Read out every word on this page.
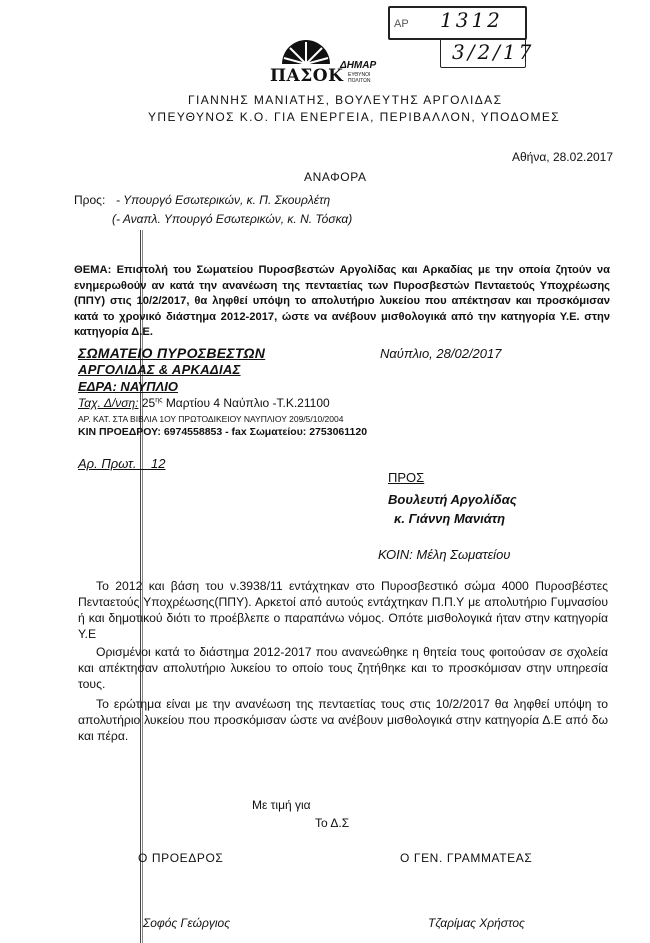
ΑΡ 1312
3/2/17
ΠΑΣΟΚ
ΔΗΜΑΡ
ΕΥΘΥΝΟΙ
ΠΟΛΙΤΩΝ
ΓΙΑΝΝΗΣ ΜΑΝΙΑΤΗΣ, ΒΟΥΛΕΥΤΗΣ ΑΡΓΟΛΙΔΑΣ
ΥΠΕΥΘΥΝΟΣ Κ.Ο. ΓΙΑ ΕΝΕΡΓΕΙΑ, ΠΕΡΙΒΑΛΛΟΝ, ΥΠΟΔΟΜΕΣ
Αθήνα, 28.02.2017
ΑΝΑΦΟΡΑ
Προς: - Υπουργό Εσωτερικών, κ. Π. Σκουρλέτη
(- Αναπλ. Υπουργό Εσωτερικών, κ. Ν. Τόσκα)
ΘΕΜΑ: Επιστολή του Σωματείου Πυροσβεστών Αργολίδας και Αρκαδίας με την οποία ζητούν να ενημερωθούν αν κατά την ανανέωση της πενταετίας των Πυροσβεστών Πενταετούς Υποχρέωσης (ΠΠΥ) στις 10/2/2017, θα ληφθεί υπόψη το απολυτήριο λυκείου που απέκτησαν και προσκόμισαν κατά το χρονικό διάστημα 2012-2017, ώστε να ανέβουν μισθολογικά από την κατηγορία Υ.Ε. στην κατηγορία Δ.Ε.
ΣΩΜΑΤΕΙΟ ΠΥΡΟΣΒΕΣΤΩΝ
ΑΡΓΟΛΙΔΑΣ & ΑΡΚΑΔΙΑΣ
ΕΔΡΑ: ΝΑΥΠΛΙΟ
Ναύπλιο, 28/02/2017
Ταχ. Δ/νση: $25^{\eta\varsigma}$ Μαρτίου 4 Ναύπλιο -Τ.Κ.21100
ΑΡ. ΚΑΤ. ΣΤΑ ΒΙΒΛΙΑ 1ΟΥ ΠΡΩΤΟΔΙΚΕΙΟΥ ΝΑΥΠΛΙΟΥ 209/5/10/2004
ΚΙΝ ΠΡΟΕΔΡΟΥ: 6974558853 - fax Σωματείου: 2753061120
Αρ. Πρωτ. 12
ΠΡΟΣ
Βουλευτή Αργολίδας
κ. Γιάννη Μανιάτη
ΚΟΙΝ: Μέλη Σωματείου
Το 2012 και βάση του ν.3938/11 εντάχτηκαν στο Πυροσβεστικό σώμα 4000 Πυροσβέστες Πενταετούς Υποχρέωσης(ΠΠΥ). Αρκετοί από αυτούς εντάχτηκαν Π.Π.Υ με απολυτήριο Γυμνασίου ή και δημοτικού διότι το προέβλεπε ο παραπάνω νόμος. Οπότε μισθολογικά ήταν στην κατηγορία Υ.Ε
Ορισμένοι κατά το διάστημα 2012-2017 που ανανεώθηκε η θητεία τους φοιτούσαν σε σχολεία και απέκτησαν απολυτήριο λυκείου το οποίο τους ζητήθηκε και το προσκόμισαν στην υπηρεσία τους.
Το ερώτημα είναι με την ανανέωση της πενταετίας τους στις 10/2/2017 θα ληφθεί υπόψη το απολυτήριο λυκείου που προσκόμισαν ώστε να ανέβουν μισθολογικά στην κατηγορία Δ.Ε από δω και πέρα.
Με τιμή για
Το Δ.Σ
Ο ΠΡΟΕΔΡΟΣ	Ο ΓΕΝ. ΓΡΑΜΜΑΤΕΑΣ
Σοφός Γεώργιος	Τζαρίμας Χρήστος
